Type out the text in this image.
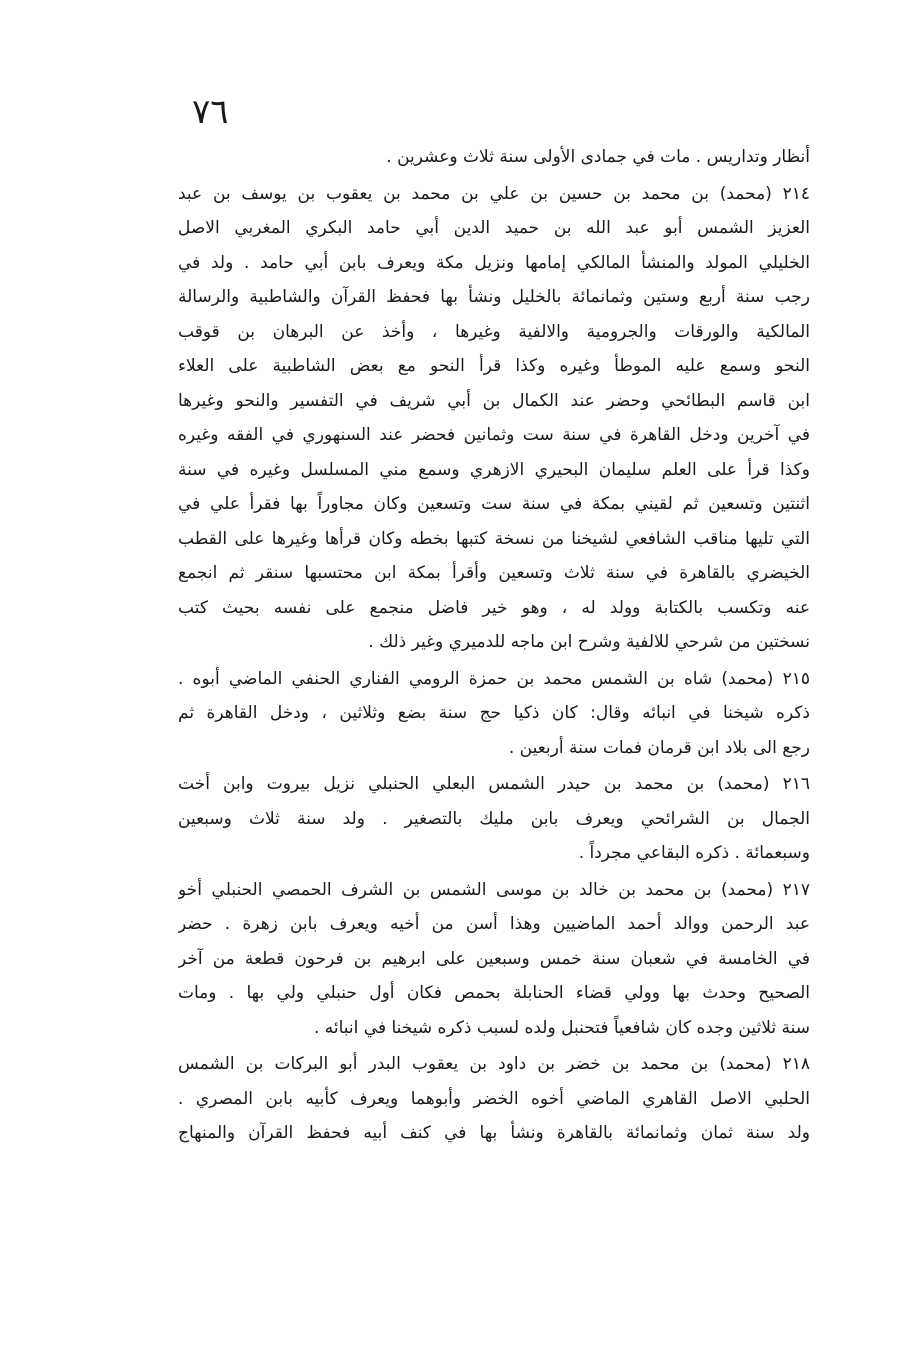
٧٦
أنظار وتداريس . مات في جمادى الأولى سنة ثلاث وعشرين .
٢١٤ (محمد) بن محمد بن حسين بن علي بن محمد بن يعقوب بن يوسف بن عبد
العزيز الشمس أبو عبد الله بن حميد الدين أبي حامد البكري المغربي الاصل
الخليلي المولد والمنشأ المالكي إمامها ونزيل مكة ويعرف بابن أبي حامد . ولد في
رجب سنة أربع وستين وثمانمائة بالخليل ونشأ بها فحفظ القرآن والشاطبية والرسالة
المالكية والورقات والجرومية والالفية وغيرها ، وأخذ عن البرهان بن قوقب
النحو وسمع عليه الموطأ وغيره وكذا قرأ النحو مع بعض الشاطبية على العلاء
ابن قاسم البطائحي وحضر عند الكمال بن أبي شريف في التفسير والنحو وغيرها
في آخرين ودخل القاهرة في سنة ست وثمانين فحضر عند السنهوري في الفقه وغيره
وكذا قرأ على العلم سليمان البحيري الازهري وسمع مني المسلسل وغيره في سنة
اثنتين وتسعين ثم لقيني بمكة في سنة ست وتسعين وكان مجاوراً بها فقرأ علي في
التي تليها مناقب الشافعي لشيخنا من نسخة كتبها بخطه وكان قرأها وغيرها على القطب
الخيضري بالقاهرة في سنة ثلاث وتسعين وأقرأ بمكة ابن محتسبها سنقر ثم انجمع
عنه وتكسب بالكتابة وولد له ، وهو خير فاضل منجمع على نفسه بحيث كتب
نسختين من شرحي للالفية وشرح ابن ماجه للدميري وغير ذلك .
٢١٥ (محمد) شاه بن الشمس محمد بن حمزة الرومي الفناري الحنفي الماضي أبوه .
ذكره شيخنا في انبائه وقال: كان ذكيا حج سنة بضع وثلاثين ، ودخل القاهرة ثم
رجع الى بلاد ابن قرمان فمات سنة أربعين .
٢١٦ (محمد) بن محمد بن حيدر الشمس البعلي الحنبلي نزيل بيروت وابن أخت
الجمال بن الشرائحي ويعرف بابن مليك بالتصغير . ولد سنة ثلاث وسبعين
وسبعمائة . ذكره البقاعي مجرداً .
٢١٧ (محمد) بن محمد بن خالد بن موسى الشمس بن الشرف الحمصي الحنبلي أخو
عبد الرحمن ووالد أحمد الماضيين وهذا أسن من أخيه ويعرف بابن زهرة . حضر
في الخامسة في شعبان سنة خمس وسبعين على ابرهيم بن فرحون قطعة من آخر
الصحيح وحدث بها وولي قضاء الحنابلة بحمص فكان أول حنبلي ولي بها . ومات
سنة ثلاثين وجده كان شافعياً فتحنبل ولده لسبب ذكره شيخنا في انبائه .
٢١٨ (محمد) بن محمد بن خضر بن داود بن يعقوب البدر أبو البركات بن الشمس
الحلبي الاصل القاهري الماضي أخوه الخضر وأبوهما ويعرف كأبيه بابن المصري .
ولد سنة ثمان وثمانمائة بالقاهرة ونشأ بها في كنف أبيه فحفظ القرآن والمنهاج
